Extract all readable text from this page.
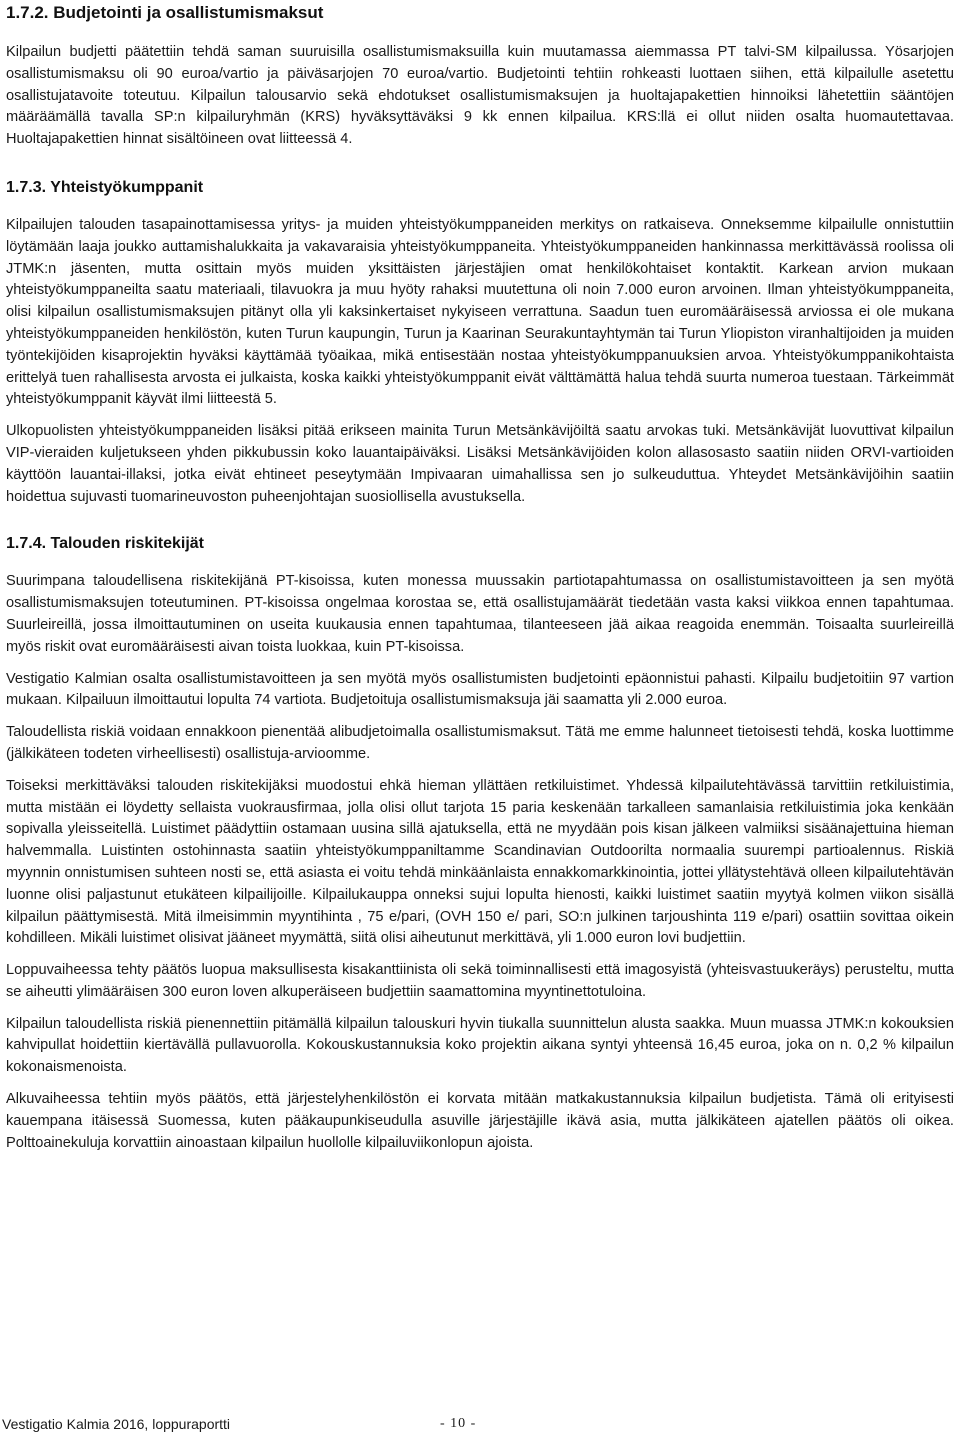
1.7.2. Budjetointi ja osallistumismaksut

Kilpailun budjetti päätettiin tehdä saman suuruisilla osallistumismaksuilla kuin muutamassa aiemmassa PT talvi-SM kilpailussa. Yösarjojen osallistumismaksu oli 90 euroa/vartio ja päiväsarjojen 70 euroa/vartio. Budjetointi tehtiin rohkeasti luottaen siihen, että kilpailulle asetettu osallistujatavoite toteutuu. Kilpailun talousarvio sekä ehdotukset osallistumismaksujen ja huoltajapakettien hinnoiksi lähetettiin sääntöjen määräämällä tavalla SP:n kilpailuryhmän (KRS) hyväksyttäväksi 9 kk ennen kilpailua. KRS:llä ei ollut niiden osalta huomautettavaa. Huoltajapakettien hinnat sisältöineen ovat liitteessä 4.

1.7.3. Yhteistyökumppanit

Kilpailujen talouden tasapainottamisessa yritys- ja muiden yhteistyökumppaneiden merkitys on ratkaiseva. Onneksemme kilpailulle onnistuttiin löytämään laaja joukko auttamishalukkaita ja vakavaraisia yhteistyökumppaneita. Yhteistyökumppaneiden hankinnassa merkittävässä roolissa oli JTMK:n jäsenten, mutta osittain myös muiden yksittäisten järjestäjien omat henkilökohtaiset kontaktit. Karkean arvion mukaan yhteistyökumppaneilta saatu materiaali, tilavuokra ja muu hyöty rahaksi muutettuna oli noin 7.000 euron arvoinen. Ilman yhteistyökumppaneita, olisi kilpailun osallistumismaksujen pitänyt olla yli kaksinkertaiset nykyiseen verrattuna. Saadun tuen euromääräisessä arviossa ei ole mukana yhteistyökumppaneiden henkilöstön, kuten Turun kaupungin, Turun ja Kaarinan Seurakuntayhtymän tai Turun Yliopiston viranhaltijoiden ja muiden työntekijöiden kisaprojektin hyväksi käyttämää työaikaa, mikä entisestään nostaa yhteistyökumppanuuksien arvoa. Yhteistyökumppanikohtaista erittelyä tuen rahallisesta arvosta ei julkaista, koska kaikki yhteistyökumppanit eivät välttämättä halua tehdä suurta numeroa tuestaan. Tärkeimmät yhteistyökumppanit käyvät ilmi liitteestä 5.

Ulkopuolisten yhteistyökumppaneiden lisäksi pitää erikseen mainita Turun Metsänkävijöiltä saatu arvokas tuki. Metsänkävijät luovuttivat kilpailun VIP-vieraiden kuljetukseen yhden pikkubussin koko lauantaipäiväksi. Lisäksi Metsänkävijöiden kolon allasosasto saatiin niiden ORVI-vartioiden käyttöön lauantai-illaksi, jotka eivät ehtineet peseytymään Impivaaran uimahallissa sen jo sulkeuduttua. Yhteydet Metsänkävijöihin saatiin hoidettua sujuvasti tuomarineuvoston puheenjohtajan suosiollisella avustuksella.

1.7.4. Talouden riskitekijät

Suurimpana taloudellisena riskitekijänä PT-kisoissa, kuten monessa muussakin partiotapahtumassa on osallistumistavoitteen ja sen myötä osallistumismaksujen toteutuminen. PT-kisoissa ongelmaa korostaa se, että osallistujamäärät tiedetään vasta kaksi viikkoa ennen tapahtumaa. Suurleireillä, jossa ilmoittautuminen on useita kuukausia ennen tapahtumaa, tilanteeseen jää aikaa reagoida enemmän. Toisaalta suurleireillä myös riskit ovat euromääräisesti aivan toista luokkaa, kuin PT-kisoissa.

Vestigatio Kalmian osalta osallistumistavoitteen ja sen myötä myös osallistumisten budjetointi epäonnistui pahasti. Kilpailu budjetoitiin 97 vartion mukaan. Kilpailuun ilmoittautui lopulta 74 vartiota. Budjetoituja osallistumismaksuja jäi saamatta yli 2.000 euroa.

Taloudellista riskiä voidaan ennakkoon pienentää alibudjetoimalla osallistumismaksut. Tätä me emme halunneet tietoisesti tehdä, koska luottimme (jälkikäteen todeten virheellisesti) osallistuja-arvioomme.

Toiseksi merkittäväksi talouden riskitekijäksi muodostui ehkä hieman yllättäen retkiluistimet. Yhdessä kilpailutehtävässä tarvittiin retkiluistimia, mutta mistään ei löydetty sellaista vuokrausfirmaa, jolla olisi ollut tarjota 15 paria keskenään tarkalleen samanlaisia retkiluistimia joka kenkään sopivalla yleisseitellä. Luistimet päädyttiin ostamaan uusina sillä ajatuksella, että ne myydään pois kisan jälkeen valmiiksi sisäänajettuina hieman halvemmalla. Luistinten ostohinnasta saatiin yhteistyökumppaniltamme Scandinavian Outdoorilta normaalia suurempi partioalennus. Riskiä myynnin onnistumisen suhteen nosti se, että asiasta ei voitu tehdä minkäänlaista ennakkomarkkinointia, jottei yllätystehtävä olleen kilpailutehtävän luonne olisi paljastunut etukäteen kilpailijoille. Kilpailukauppa onneksi sujui lopulta hienosti, kaikki luistimet saatiin myytyä kolmen viikon sisällä kilpailun päättymisestä. Mitä ilmeisimmin myyntihinta , 75 e/pari, (OVH 150 e/ pari, SO:n julkinen tarjoushinta 119 e/pari) osattiin sovittaa oikein kohdilleen. Mikäli luistimet olisivat jääneet myymättä, siitä olisi aiheutunut merkittävä, yli 1.000 euron lovi budjettiin.

Loppuvaiheessa tehty päätös luopua maksullisesta kisakanttiinista oli sekä toiminnallisesti että imagosyistä (yhteisvastuukeräys) perusteltu, mutta se aiheutti ylimääräisen 300 euron loven alkuperäiseen budjettiin saamattomina myyntinettotuloina.

Kilpailun taloudellista riskiä pienennettiin pitämällä kilpailun talouskuri hyvin tiukalla suunnittelun alusta saakka. Muun muassa JTMK:n kokouksien kahvipullat hoidettiin kiertävällä pullavuorolla. Kokouskustannuksia koko projektin aikana syntyi yhteensä 16,45 euroa, joka on n. 0,2 % kilpailun kokonaismenoista.

Alkuvaiheessa tehtiin myös päätös, että järjestelyhenkilöstön ei korvata mitään matkakustannuksia kilpailun budjetista. Tämä oli erityisesti kauempana itäisessä Suomessa, kuten pääkaupunkiseudulla asuville järjestäjille ikävä asia, mutta jälkikäteen ajatellen päätös oli oikea. Polttoainekuluja korvattiin ainoastaan kilpailun huollolle kilpailuviikonlopun ajoista.

Vestigatio Kalmia 2016, loppuraportti	- 10 -
